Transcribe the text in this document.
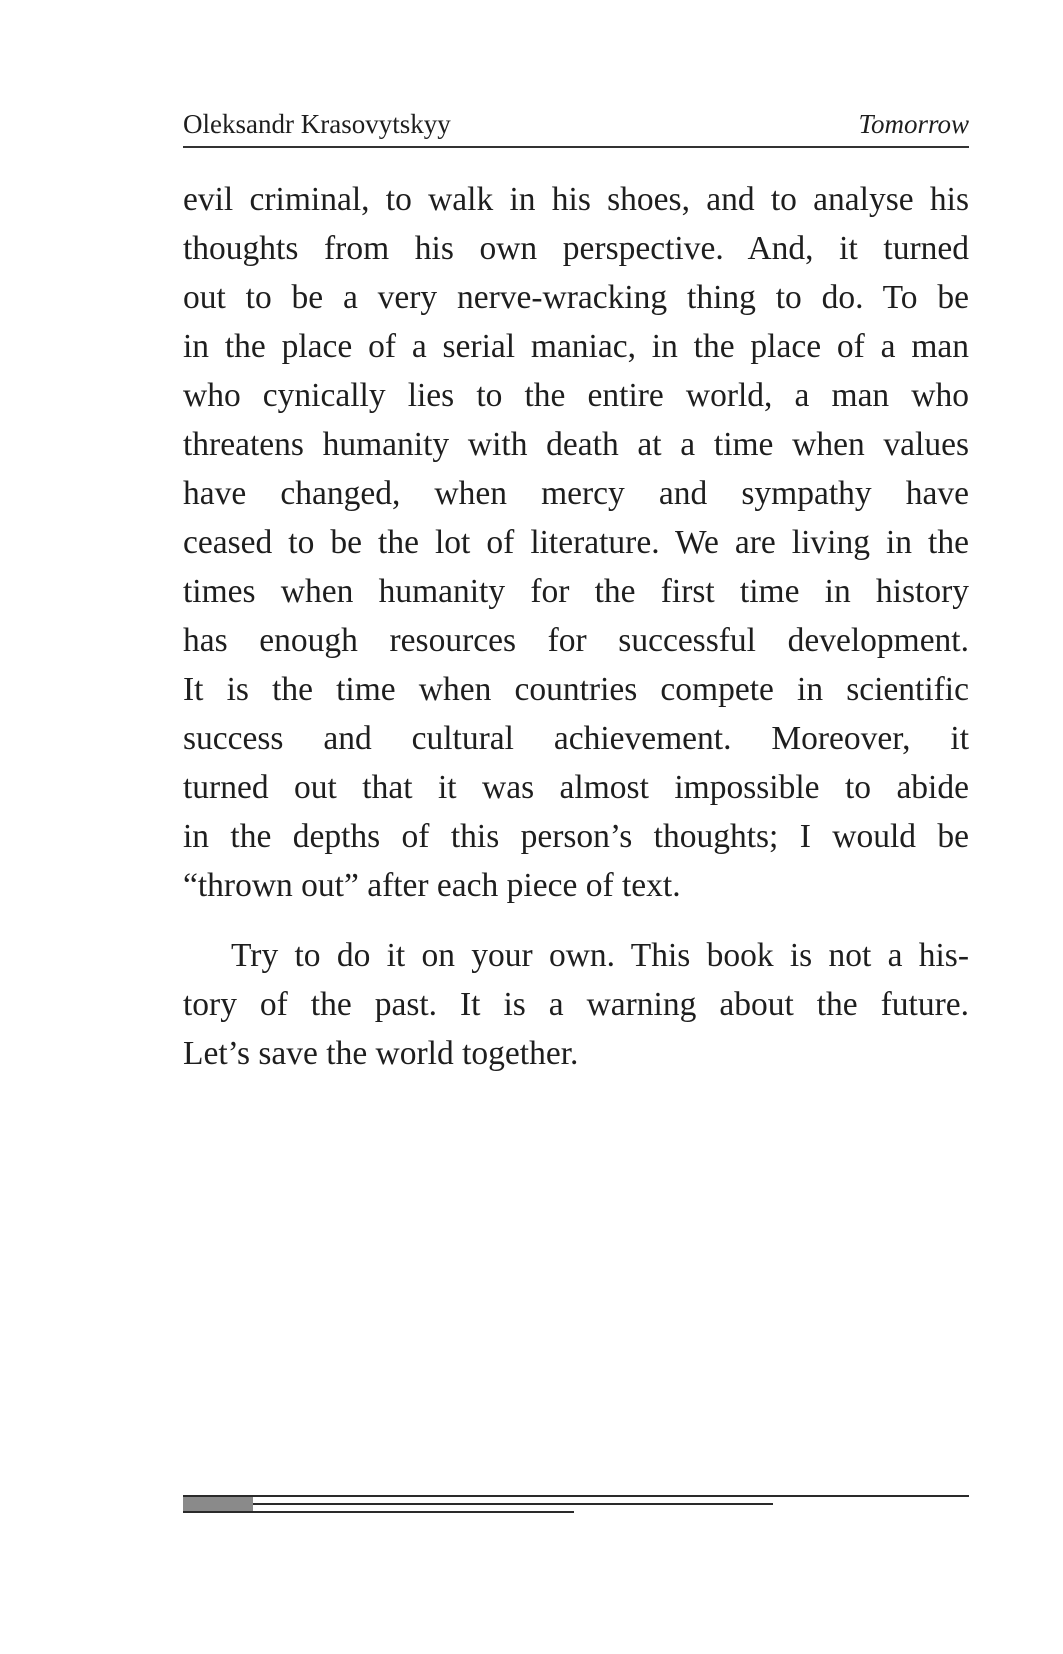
Oleksandr Krasovytskyy	Tomorrow
evil criminal, to walk in his shoes, and to analyse his
thoughts from his own perspective. And, it turned
out to be a very nerve-wracking thing to do. To be
in the place of a serial maniac, in the place of a man
who cynically lies to the entire world, a man who
threatens humanity with death at a time when values
have changed, when mercy and sympathy have
ceased to be the lot of literature. We are living in the
times when humanity for the first time in history
has enough resources for successful development.
It is the time when countries compete in scientific
success and cultural achievement. Moreover, it
turned out that it was almost impossible to abide
in the depths of this person’s thoughts; I would be
“thrown out” after each piece of text.
Try to do it on your own. This book is not a his-
tory of the past. It is a warning about the future.
Let’s save the world together.
